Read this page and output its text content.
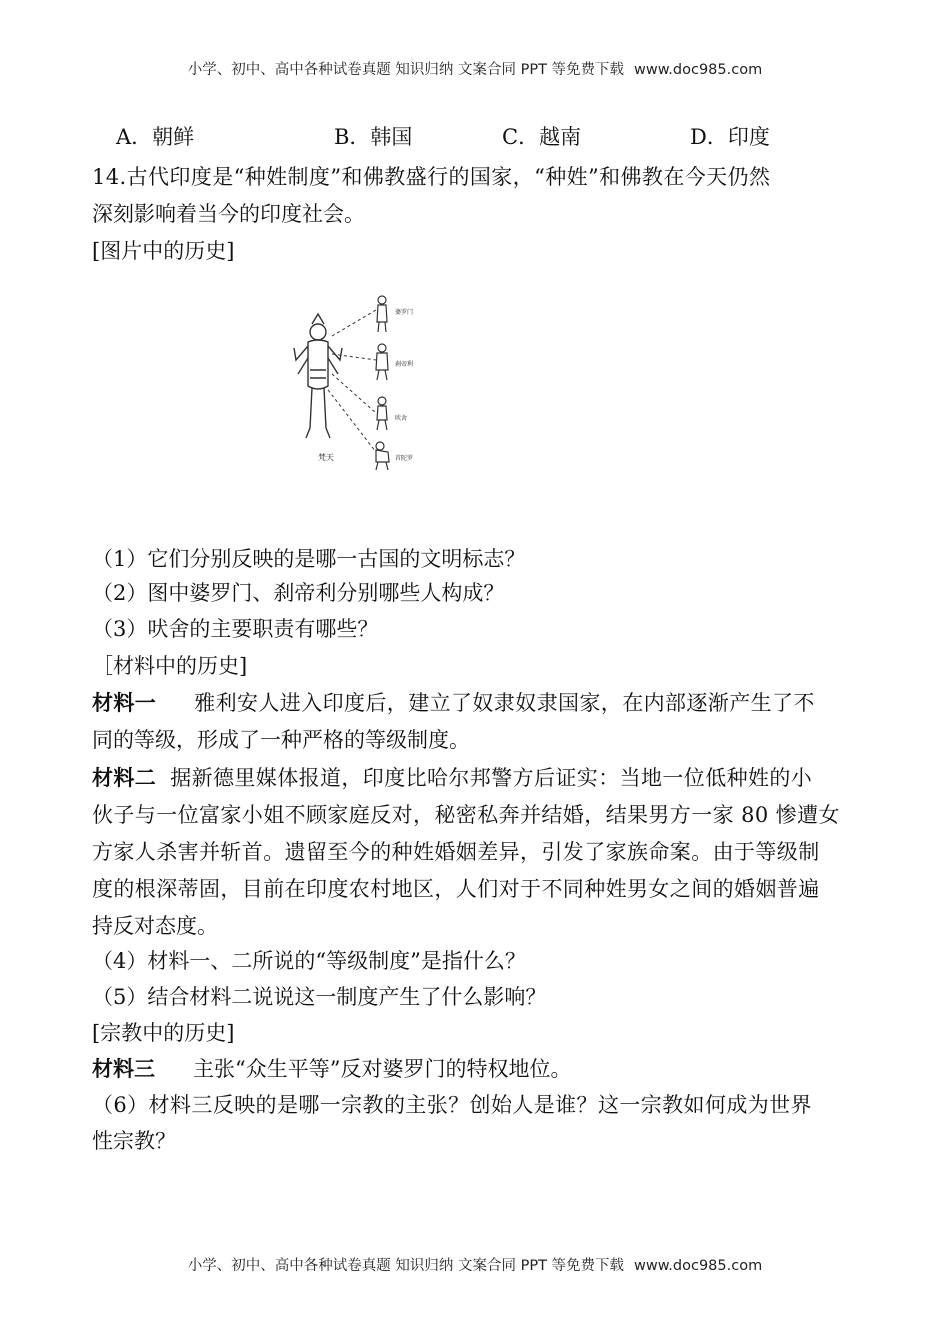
小学、初中、高中各种试卷真题 知识归纳 文案合同 PPT 等免费下载 www.doc985.com
A．朝鲜	B．韩国	C．越南	D．印度
14.古代印度是“种姓制度”和佛教盛行的国家，“种姓”和佛教在今天仍然
深刻影响着当今的印度社会。
[图片中的历史]
婆罗门
刹帝利
吠舍
首陀罗
梵天
（1）它们分别反映的是哪一古国的文明标志？
（2）图中婆罗门、刹帝利分别哪些人构成？
（3）吠舍的主要职责有哪些？
［材料中的历史]
材料一 雅利安人进入印度后，建立了奴隶奴隶国家，在内部逐渐产生了不
同的等级，形成了一种严格的等级制度。
材料二 据新德里媒体报道，印度比哈尔邦警方后证实：当地一位低种姓的小
伙子与一位富家小姐不顾家庭反对，秘密私奔并结婚，结果男方一家 80 惨遭女
方家人杀害并斩首。遗留至今的种姓婚姻差异，引发了家族命案。由于等级制
度的根深蒂固，目前在印度农村地区，人们对于不同种姓男女之间的婚姻普遍
持反对态度。
（4）材料一、二所说的“等级制度”是指什么？
（5）结合材料二说说这一制度产生了什么影响？
[宗教中的历史]
材料三 主张“众生平等”反对婆罗门的特权地位。
（6）材料三反映的是哪一宗教的主张？创始人是谁？这一宗教如何成为世界
性宗教？
小学、初中、高中各种试卷真题 知识归纳 文案合同 PPT 等免费下载 www.doc985.com
